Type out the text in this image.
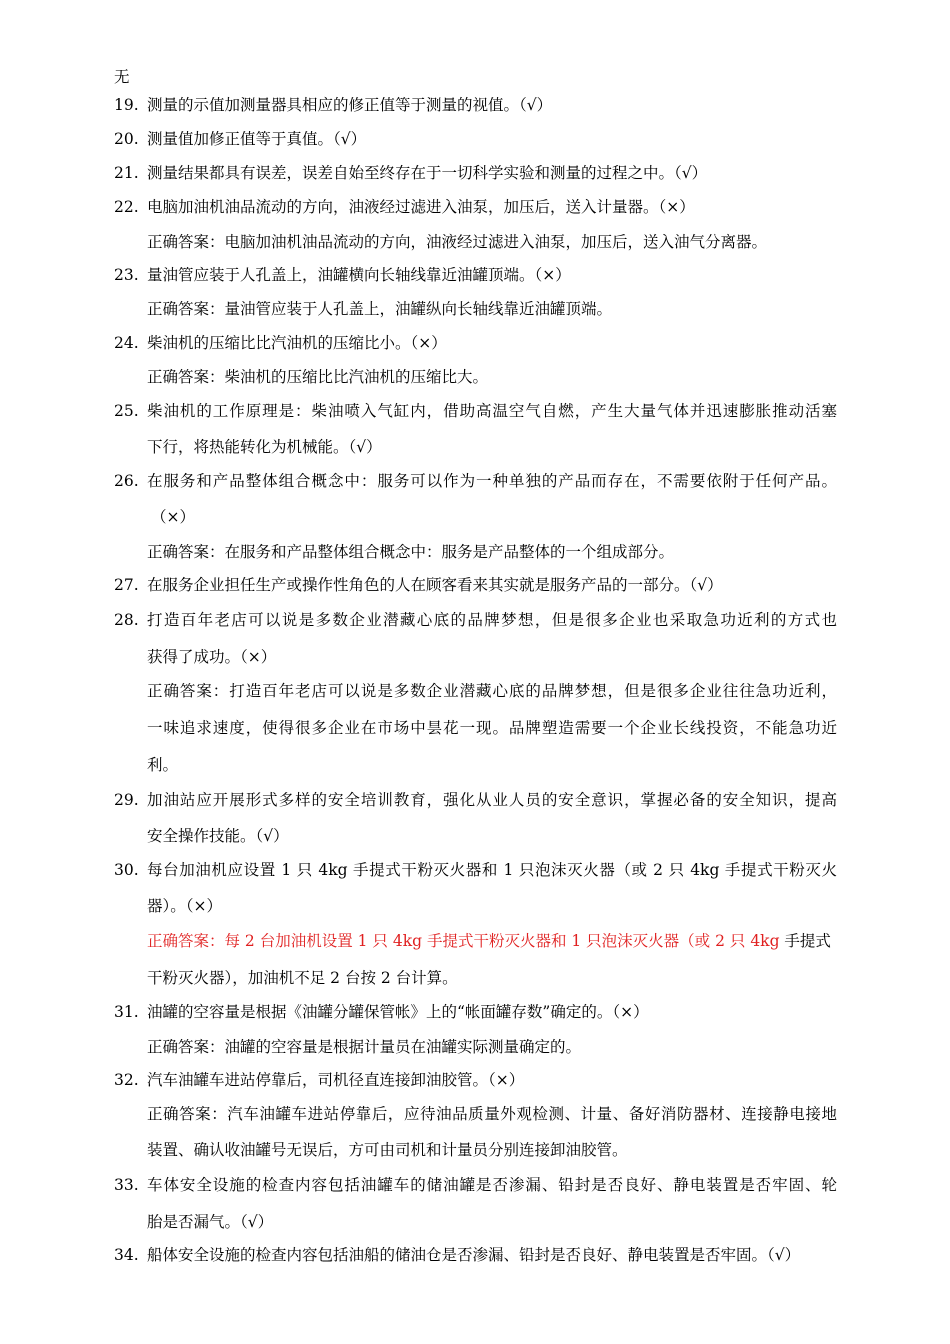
无
19. 测量的示值加测量器具相应的修正值等于测量的视值。（√）
20. 测量值加修正值等于真值。（√）
21. 测量结果都具有误差，误差自始至终存在于一切科学实验和测量的过程之中。（√）
22. 电脑加油机油品流动的方向，油液经过滤进入油泵，加压后，送入计量器。（×）
正确答案：电脑加油机油品流动的方向，油液经过滤进入油泵，加压后，送入油气分离器。
23. 量油管应装于人孔盖上，油罐横向长轴线靠近油罐顶端。（×）
正确答案：量油管应装于人孔盖上，油罐纵向长轴线靠近油罐顶端。
24. 柴油机的压缩比比汽油机的压缩比小。（×）
正确答案：柴油机的压缩比比汽油机的压缩比大。
25. 柴油机的工作原理是：柴油喷入气缸内，借助高温空气自燃，产生大量气体并迅速膨胀推动活塞
下行，将热能转化为机械能。（√）
26. 在服务和产品整体组合概念中：服务可以作为一种单独的产品而存在，不需要依附于任何产品。
（×）
正确答案：在服务和产品整体组合概念中：服务是产品整体的一个组成部分。
27. 在服务企业担任生产或操作性角色的人在顾客看来其实就是服务产品的一部分。（√）
28. 打造百年老店可以说是多数企业潜藏心底的品牌梦想，但是很多企业也采取急功近利的方式也
获得了成功。（×）
正确答案：打造百年老店可以说是多数企业潜藏心底的品牌梦想，但是很多企业往往急功近利，
一味追求速度，使得很多企业在市场中昙花一现。品牌塑造需要一个企业长线投资，不能急功近
利。
29. 加油站应开展形式多样的安全培训教育，强化从业人员的安全意识，掌握必备的安全知识，提高
安全操作技能。（√）
30. 每台加油机应设置 1 只 4kg 手提式干粉灭火器和 1 只泡沫灭火器（或 2 只 4kg 手提式干粉灭火
器）。（×）
正确答案：每 2 台加油机设置 1 只 4kg 手提式干粉灭火器和 1 只泡沫灭火器（或 2 只 4kg 手提式
干粉灭火器），加油机不足 2 台按 2 台计算。
31. 油罐的空容量是根据《油罐分罐保管帐》上的“帐面罐存数”确定的。（×）
正确答案：油罐的空容量是根据计量员在油罐实际测量确定的。
32. 汽车油罐车进站停靠后，司机径直连接卸油胶管。（×）
正确答案：汽车油罐车进站停靠后，应待油品质量外观检测、计量、备好消防器材、连接静电接地
装置、确认收油罐号无误后，方可由司机和计量员分别连接卸油胶管。
33. 车体安全设施的检查内容包括油罐车的储油罐是否渗漏、铅封是否良好、静电装置是否牢固、轮
胎是否漏气。（√）
34. 船体安全设施的检查内容包括油船的储油仓是否渗漏、铅封是否良好、静电装置是否牢固。（√）
